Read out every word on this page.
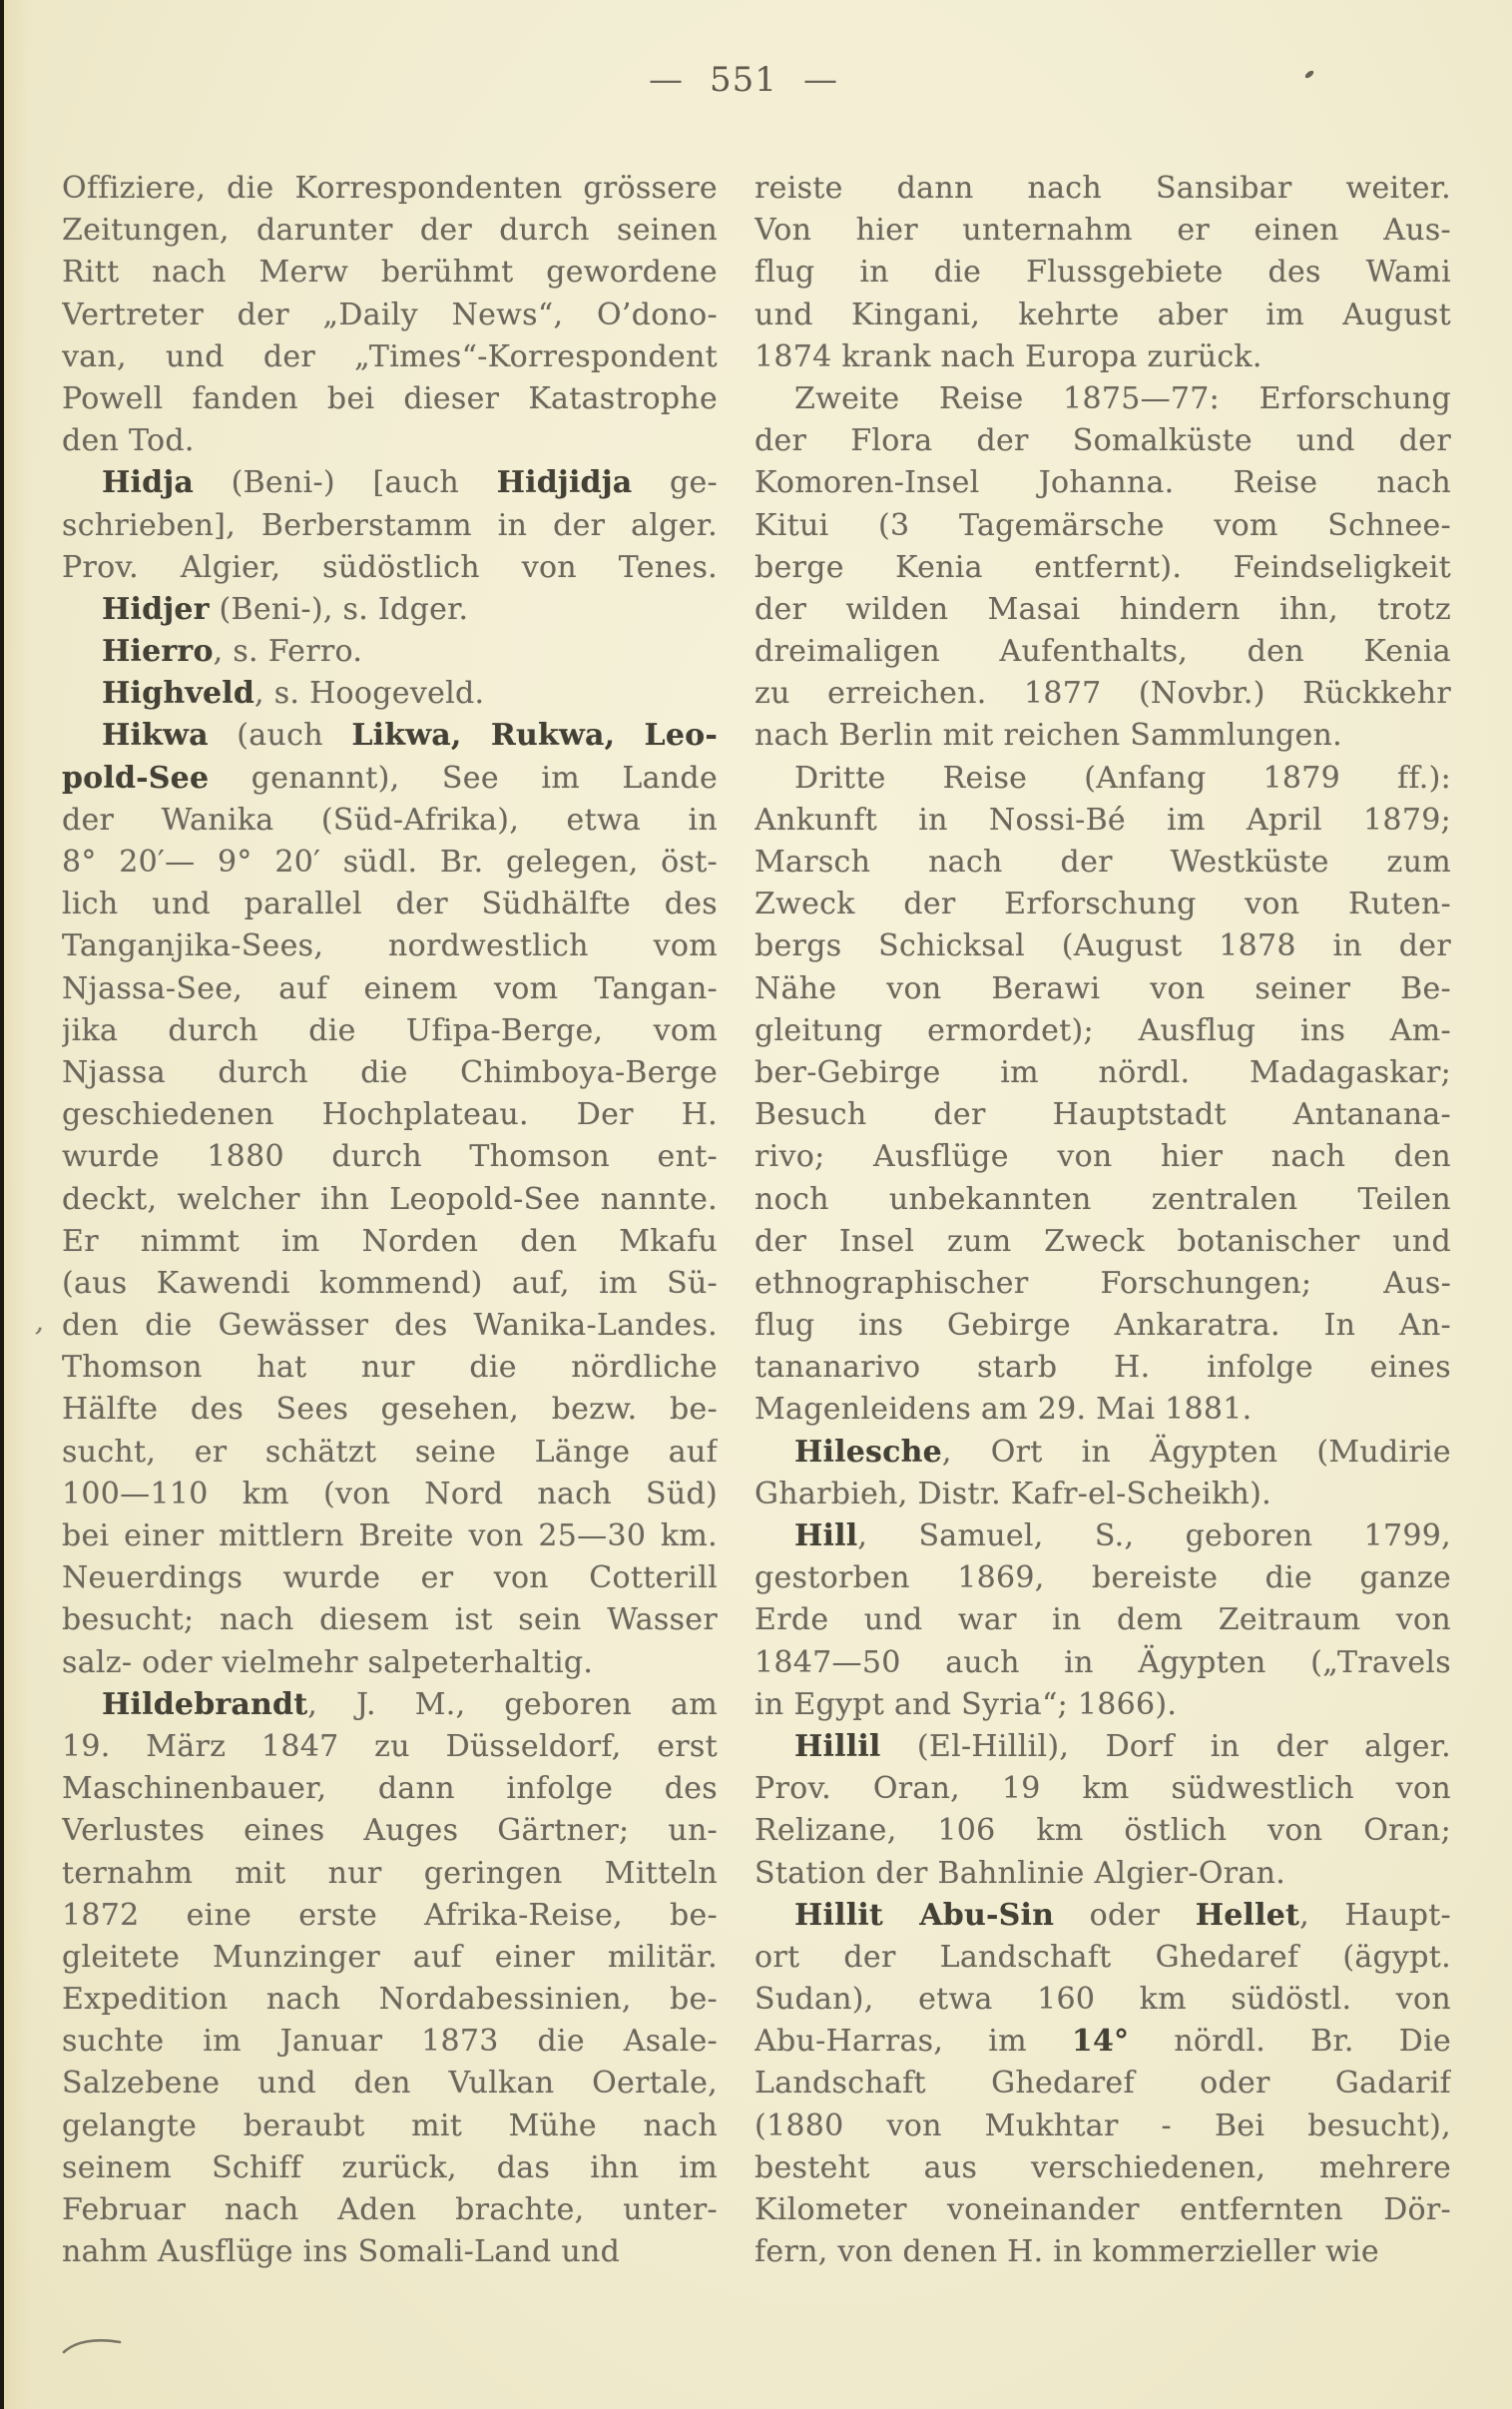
— 551 —
Offiziere, die Korrespondenten grössere
Zeitungen, darunter der durch seinen
Ritt nach Merw berühmt gewordene
Vertreter der „Daily News“, O’dono-
van, und der „Times“-Korrespondent
Powell fanden bei dieser Katastrophe
den Tod.
Hidja (Beni-) [auch Hidjidja ge-
schrieben], Berberstamm in der alger.
Prov. Algier, südöstlich von Tenes.
Hidjer (Beni-), s. Idger.
Hierro, s. Ferro.
Highveld, s. Hoogeveld.
Hikwa (auch Likwa, Rukwa, Leo-
pold-See genannt), See im Lande
der Wanika (Süd-Afrika), etwa in
8° 20′— 9° 20′ südl. Br. gelegen, öst-
lich und parallel der Südhälfte des
Tanganjika-Sees, nordwestlich vom
Njassa-See, auf einem vom Tangan-
jika durch die Ufipa-Berge, vom
Njassa durch die Chimboya-Berge
geschiedenen Hochplateau. Der H.
wurde 1880 durch Thomson ent-
deckt, welcher ihn Leopold-See nannte.
Er nimmt im Norden den Mkafu
(aus Kawendi kommend) auf, im Sü-
den die Gewässer des Wanika-Landes.
Thomson hat nur die nördliche
Hälfte des Sees gesehen, bezw. be-
sucht, er schätzt seine Länge auf
100—110 km (von Nord nach Süd)
bei einer mittlern Breite von 25—30 km.
Neuerdings wurde er von Cotterill
besucht; nach diesem ist sein Wasser
salz- oder vielmehr salpeterhaltig.
Hildebrandt, J. M., geboren am
19. März 1847 zu Düsseldorf, erst
Maschinenbauer, dann infolge des
Verlustes eines Auges Gärtner; un-
ternahm mit nur geringen Mitteln
1872 eine erste Afrika-Reise, be-
gleitete Munzinger auf einer militär.
Expedition nach Nordabessinien, be-
suchte im Januar 1873 die Asale-
Salzebene und den Vulkan Oertale,
gelangte beraubt mit Mühe nach
seinem Schiff zurück, das ihn im
Februar nach Aden brachte, unter-
nahm Ausflüge ins Somali-Land und
reiste dann nach Sansibar weiter.
Von hier unternahm er einen Aus-
flug in die Flussgebiete des Wami
und Kingani, kehrte aber im August
1874 krank nach Europa zurück.
Zweite Reise 1875—77: Erforschung
der Flora der Somalküste und der
Komoren-Insel Johanna. Reise nach
Kitui (3 Tagemärsche vom Schnee-
berge Kenia entfernt). Feindseligkeit
der wilden Masai hindern ihn, trotz
dreimaligen Aufenthalts, den Kenia
zu erreichen. 1877 (Novbr.) Rückkehr
nach Berlin mit reichen Sammlungen.
Dritte Reise (Anfang 1879 ff.):
Ankunft in Nossi-Bé im April 1879;
Marsch nach der Westküste zum
Zweck der Erforschung von Ruten-
bergs Schicksal (August 1878 in der
Nähe von Berawi von seiner Be-
gleitung ermordet); Ausflug ins Am-
ber-Gebirge im nördl. Madagaskar;
Besuch der Hauptstadt Antanana-
rivo; Ausflüge von hier nach den
noch unbekannten zentralen Teilen
der Insel zum Zweck botanischer und
ethnographischer Forschungen; Aus-
flug ins Gebirge Ankaratra. In An-
tananarivo starb H. infolge eines
Magenleidens am 29. Mai 1881.
Hilesche, Ort in Ägypten (Mudirie
Gharbieh, Distr. Kafr-el-Scheikh).
Hill, Samuel, S., geboren 1799,
gestorben 1869, bereiste die ganze
Erde und war in dem Zeitraum von
1847—50 auch in Ägypten („Travels
in Egypt and Syria“; 1866).
Hillil (El-Hillil), Dorf in der alger.
Prov. Oran, 19 km südwestlich von
Relizane, 106 km östlich von Oran;
Station der Bahnlinie Algier-Oran.
Hillit Abu-Sin oder Hellet, Haupt-
ort der Landschaft Ghedaref (ägypt.
Sudan), etwa 160 km südöstl. von
Abu-Harras, im 14° nördl. Br. Die
Landschaft Ghedaref oder Gadarif
(1880 von Mukhtar - Bei besucht),
besteht aus verschiedenen, mehrere
Kilometer voneinander entfernten Dör-
fern, von denen H. in kommerzieller wie
,
